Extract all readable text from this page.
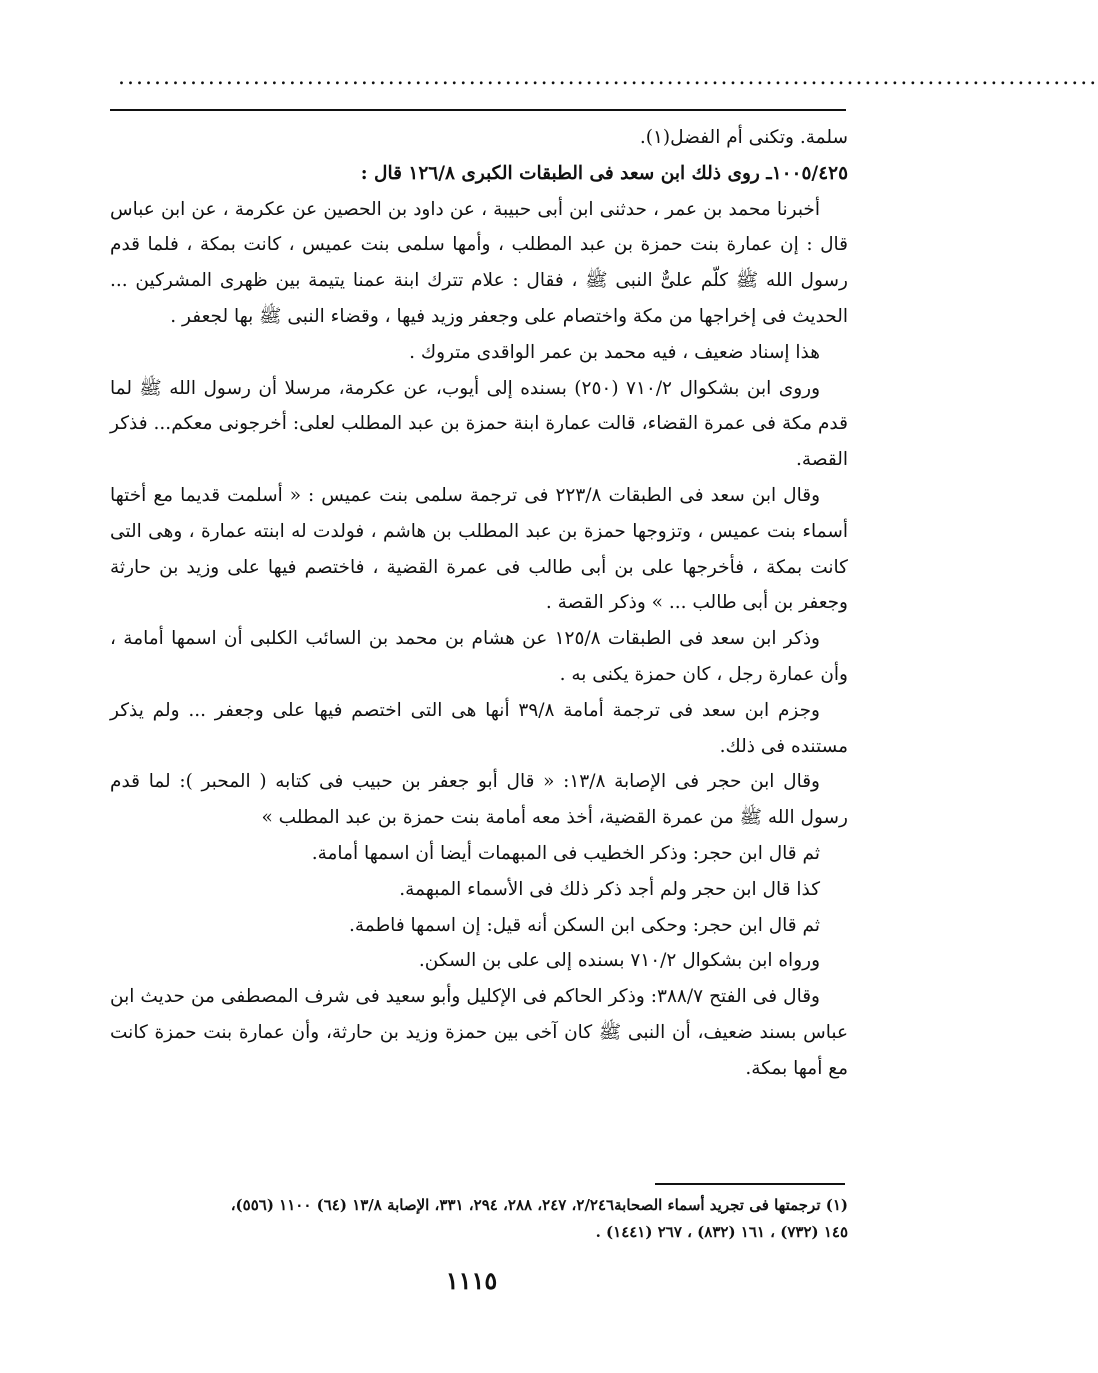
.............................................................................................................

سلمة. وتكنى أم الفضل(١).

١٠٠٥/٤٢٥ـ روى ذلك ابن سعد فى الطبقات الكبرى ١٢٦/٨ قال :

أخبرنا محمد بن عمر ، حدثنى ابن أبى حبيبة ، عن داود بن الحصين عن عكرمة ، عن ابن عباس قال : إن عمارة بنت حمزة بن عبد المطلب ، وأمها سلمى بنت عميس ، كانت بمكة ، فلما قدم رسول الله ﷺ كلّم علىٌّ النبى ﷺ ، فقال : علام تترك ابنة عمنا يتيمة بين ظهرى المشركين ... الحديث فى إخراجها من مكة واختصام على وجعفر وزيد فيها ، وقضاء النبى ﷺ بها لجعفر .

هذا إسناد ضعيف ، فيه محمد بن عمر الواقدى متروك .

وروى ابن بشكوال ٧١٠/٢ (٢٥٠) بسنده إلى أيوب، عن عكرمة، مرسلا أن رسول الله ﷺ لما قدم مكة فى عمرة القضاء، قالت عمارة ابنة حمزة بن عبد المطلب لعلى: أخرجونى معكم... فذكر القصة.

وقال ابن سعد فى الطبقات ٢٢٣/٨ فى ترجمة سلمى بنت عميس : « أسلمت قديما مع أختها أسماء بنت عميس ، وتزوجها حمزة بن عبد المطلب بن هاشم ، فولدت له ابنته عمارة ، وهى التى كانت بمكة ، فأخرجها على بن أبى طالب فى عمرة القضية ، فاختصم فيها على وزيد بن حارثة وجعفر بن أبى طالب ... » وذكر القصة .

وذكر ابن سعد فى الطبقات ١٢٥/٨ عن هشام بن محمد بن السائب الكلبى أن اسمها أمامة ، وأن عمارة رجل ، كان حمزة يكنى به .

وجزم ابن سعد فى ترجمة أمامة ٣٩/٨ أنها هى التى اختصم فيها على وجعفر ... ولم يذكر مستنده فى ذلك.

وقال ابن حجر فى الإصابة ١٣/٨: « قال أبو جعفر بن حبيب فى كتابه ( المحبر ): لما قدم رسول الله ﷺ من عمرة القضية، أخذ معه أمامة بنت حمزة بن عبد المطلب »

ثم قال ابن حجر: وذكر الخطيب فى المبهمات أيضا أن اسمها أمامة.

كذا قال ابن حجر ولم أجد ذكر ذلك فى الأسماء المبهمة.

ثم قال ابن حجر: وحكى ابن السكن أنه قيل: إن اسمها فاطمة.

ورواه ابن بشكوال ٧١٠/٢ بسنده إلى على بن السكن.

وقال فى الفتح ٣٨٨/٧: وذكر الحاكم فى الإكليل وأبو سعيد فى شرف المصطفى من حديث ابن عباس بسند ضعيف، أن النبى ﷺ كان آخى بين حمزة وزيد بن حارثة، وأن عمارة بنت حمزة كانت مع أمها بمكة.

(١) ترجمتها فى تجريد أسماء الصحابة٢/٢٤٦، ٢٤٧، ٢٨٨، ٢٩٤، ٣٣١، الإصابة ١٣/٨ (٦٤) ١١٠٠ (٥٥٦)،

١٤٥ (٧٣٢) ، ١٦١ (٨٣٢) ، ٢٦٧ (١٤٤١) .

١١١٥
